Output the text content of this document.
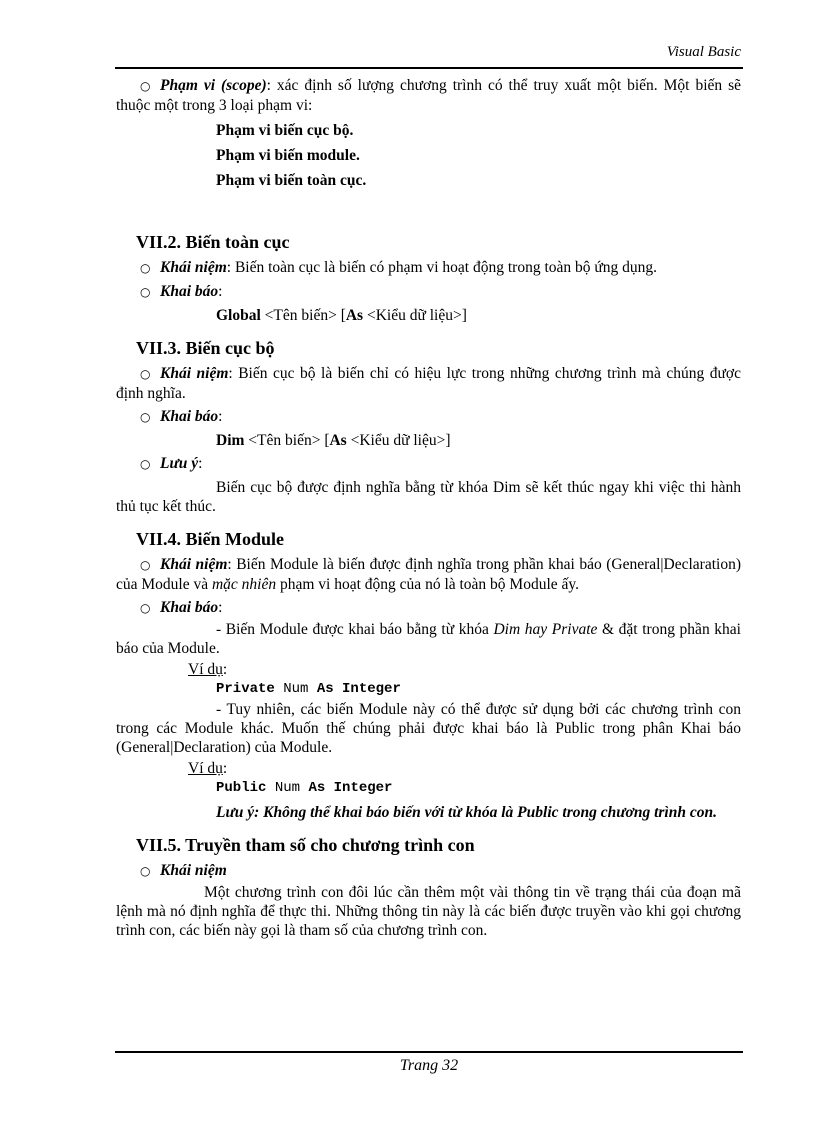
Visual Basic

○ Phạm vi (scope): xác định số lượng chương trình có thể truy xuất một biến. Một biến sẽ thuộc một trong 3 loại phạm vi:

Phạm vi biến cục bộ.

Phạm vi biến module.

Phạm vi biến toàn cục.

VII.2. Biến toàn cục

○ Khái niệm: Biến toàn cục là biến có phạm vi hoạt động trong toàn bộ ứng dụng.

○ Khai báo:

Global <Tên biến> [As <Kiểu dữ liệu>]

VII.3. Biến cục bộ

○ Khái niệm: Biến cục bộ là biến chỉ có hiệu lực trong những chương trình mà chúng được định nghĩa.

○ Khai báo:

Dim <Tên biến> [As <Kiểu dữ liệu>]

○ Lưu ý:

Biến cục bộ được định nghĩa bằng từ khóa Dim sẽ kết thúc ngay khi việc thi hành thủ tục kết thúc.

VII.4. Biến Module

○ Khái niệm: Biến Module là biến được định nghĩa trong phần khai báo (General|Declaration) của Module và mặc nhiên phạm vi hoạt động của nó là toàn bộ Module ấy.

○ Khai báo:

- Biến Module được khai báo bằng từ khóa Dim hay Private & đặt trong phần khai báo của Module.

Ví dụ:

Private Num As Integer

- Tuy nhiên, các biến Module này có thể được sử dụng bởi các chương trình con trong các Module khác. Muốn thế chúng phải được khai báo là Public trong phân Khai báo (General|Declaration) của Module.

Ví dụ:

Public Num As Integer

Lưu ý: Không thể khai báo biến với từ khóa là Public trong chương trình con.

VII.5. Truyền tham số cho chương trình con

○ Khái niệm

Một chương trình con đôi lúc cần thêm một vài thông tin về trạng thái của đoạn mã lệnh mà nó định nghĩa để thực thi. Những thông tin này là các biến được truyền vào khi gọi chương trình con, các biến này gọi là tham số của chương trình con.

Trang 32
